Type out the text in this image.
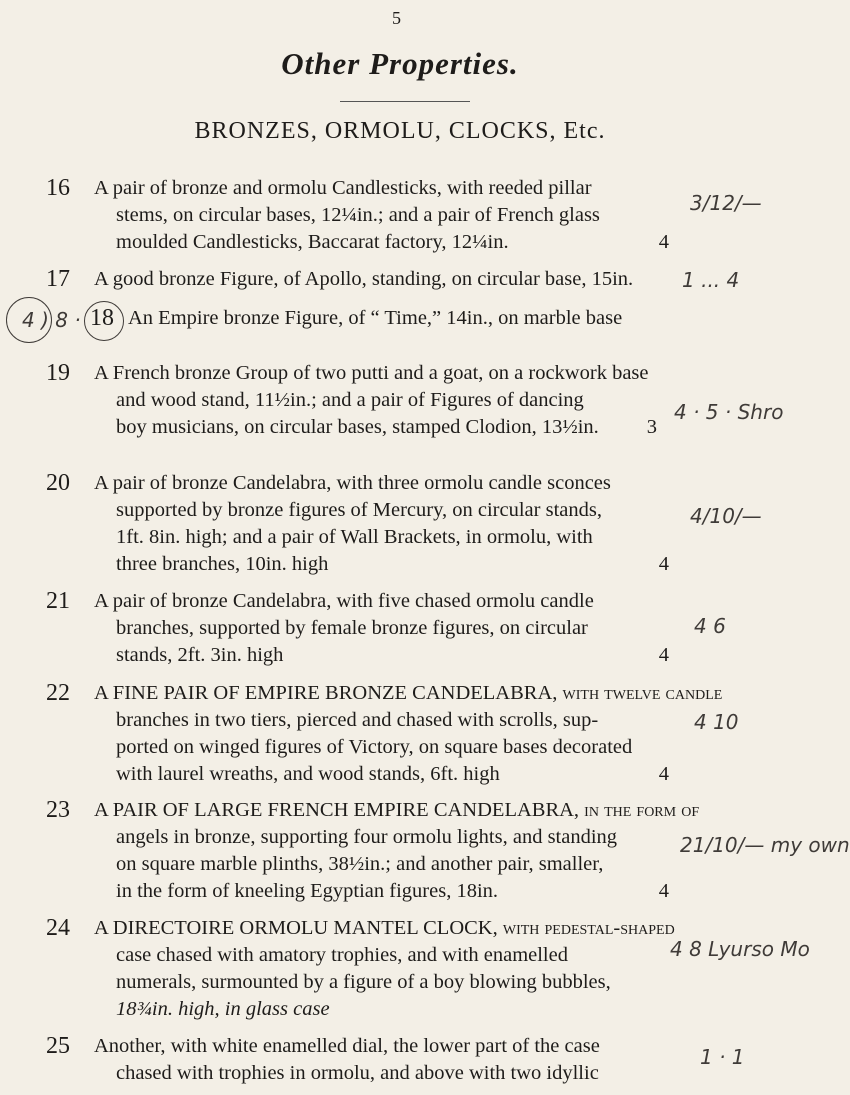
5
Other Properties.
BRONZES, ORMOLU, CLOCKS, Etc.
16	A pair of bronze and ormolu Candlesticks, with reeded pillar
stems, on circular bases, 12¼in.; and a pair of French glass
moulded Candlesticks, Baccarat factory, 12¼in.	4
3/12/—
17	A good bronze Figure, of Apollo, standing, on circular base, 15in.	1 ... 4
4 ) 8 · 18 An Empire bronze Figure, of “ Time,” 14in., on marble base
19	A French bronze Group of two putti and a goat, on a rockwork base
and wood stand, 11½in.; and a pair of Figures of dancing
boy musicians, on circular bases, stamped Clodion, 13½in.	3
4 · 5 · Shro
20	A pair of bronze Candelabra, with three ormolu candle sconces
supported by bronze figures of Mercury, on circular stands,
1ft. 8in. high; and a pair of Wall Brackets, in ormolu, with
three branches, 10in. high	4
4/10/—
21	A pair of bronze Candelabra, with five chased ormolu candle
branches, supported by female bronze figures, on circular
stands, 2ft. 3in. high	4
4 6
22	A FINE PAIR OF EMPIRE BRONZE CANDELABRA, with twelve candle
branches in two tiers, pierced and chased with scrolls, sup-
ported on winged figures of Victory, on square bases decorated
with laurel wreaths, and wood stands, 6ft. high	4
4 10
23	A PAIR OF LARGE FRENCH EMPIRE CANDELABRA, in the form of
angels in bronze, supporting four ormolu lights, and standing
on square marble plinths, 38½in.; and another pair, smaller,
in the form of kneeling Egyptian figures, 18in.	4
21/10/— my own
24	A DIRECTOIRE ORMOLU MANTEL CLOCK, with pedestal-shaped
case chased with amatory trophies, and with enamelled
numerals, surmounted by a figure of a boy blowing bubbles,
18¾in. high, in glass case
4 8 Lyurso Mo
25	Another, with white enamelled dial, the lower part of the case
chased with trophies in ormolu, and above with two idyllic
1 · 1
